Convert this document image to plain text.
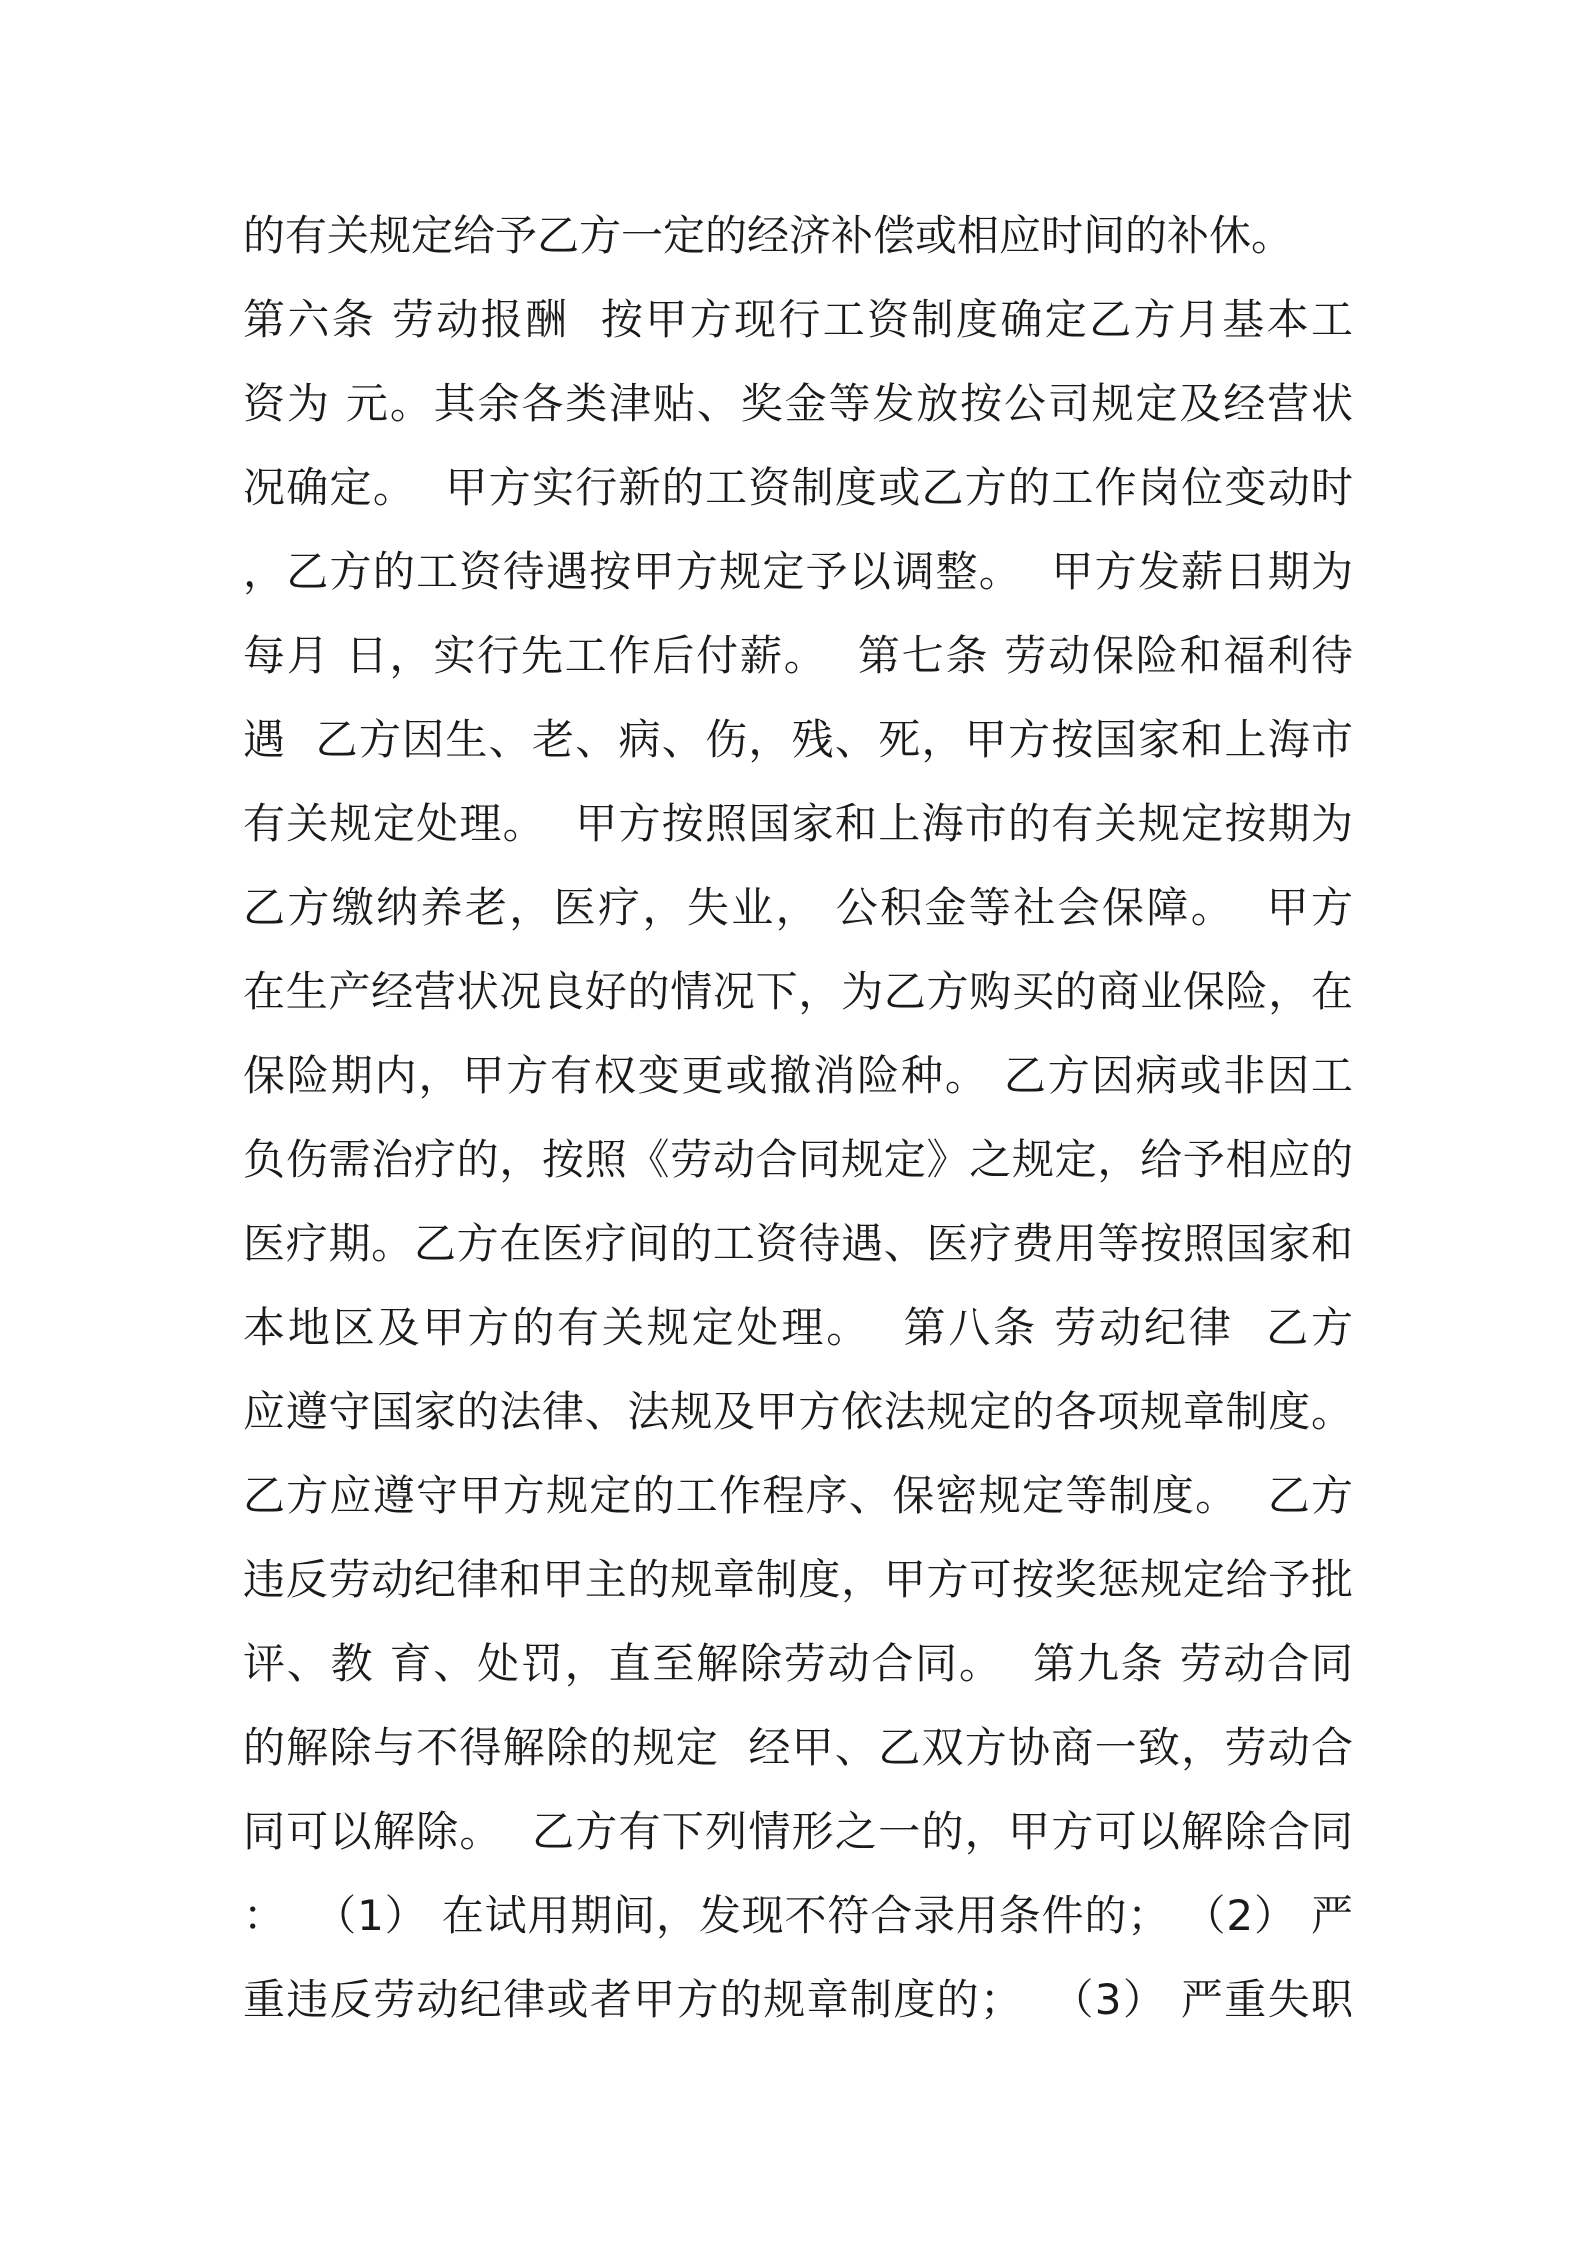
的有关规定给予乙方一定的经济补偿或相应时间的补休。
第六条 劳动报酬  按甲方现行工资制度确定乙方月基本工
资为 元。其余各类津贴、奖金等发放按公司规定及经营状
况确定。  甲方实行新的工资制度或乙方的工作岗位变动时
，乙方的工资待遇按甲方规定予以调整。  甲方发薪日期为
每月 日，实行先工作后付薪。  第七条 劳动保险和福利待
遇  乙方因生、老、病、伤，残、死，甲方按国家和上海市
有关规定处理。  甲方按照国家和上海市的有关规定按期为
乙方缴纳养老，医疗，失业， 公积金等社会保障。  甲方
在生产经营状况良好的情况下，为乙方购买的商业保险，在
保险期内，甲方有权变更或撤消险种。 乙方因病或非因工
负伤需治疗的，按照《劳动合同规定》之规定，给予相应的
医疗期。乙方在医疗间的工资待遇、医疗费用等按照国家和
本地区及甲方的有关规定处理。  第八条 劳动纪律  乙方
应遵守国家的法律、法规及甲方依法规定的各项规章制度。
乙方应遵守甲方规定的工作程序、保密规定等制度。  乙方
违反劳动纪律和甲主的规章制度，甲方可按奖惩规定给予批
评、教 育、处罚，直至解除劳动合同。  第九条 劳动合同
的解除与不得解除的规定  经甲、乙双方协商一致，劳动合
同可以解除。  乙方有下列情形之一的，甲方可以解除合同
：  （1） 在试用期间，发现不符合录用条件的； （2） 严
重违反劳动纪律或者甲方的规章制度的；  （3） 严重失职
